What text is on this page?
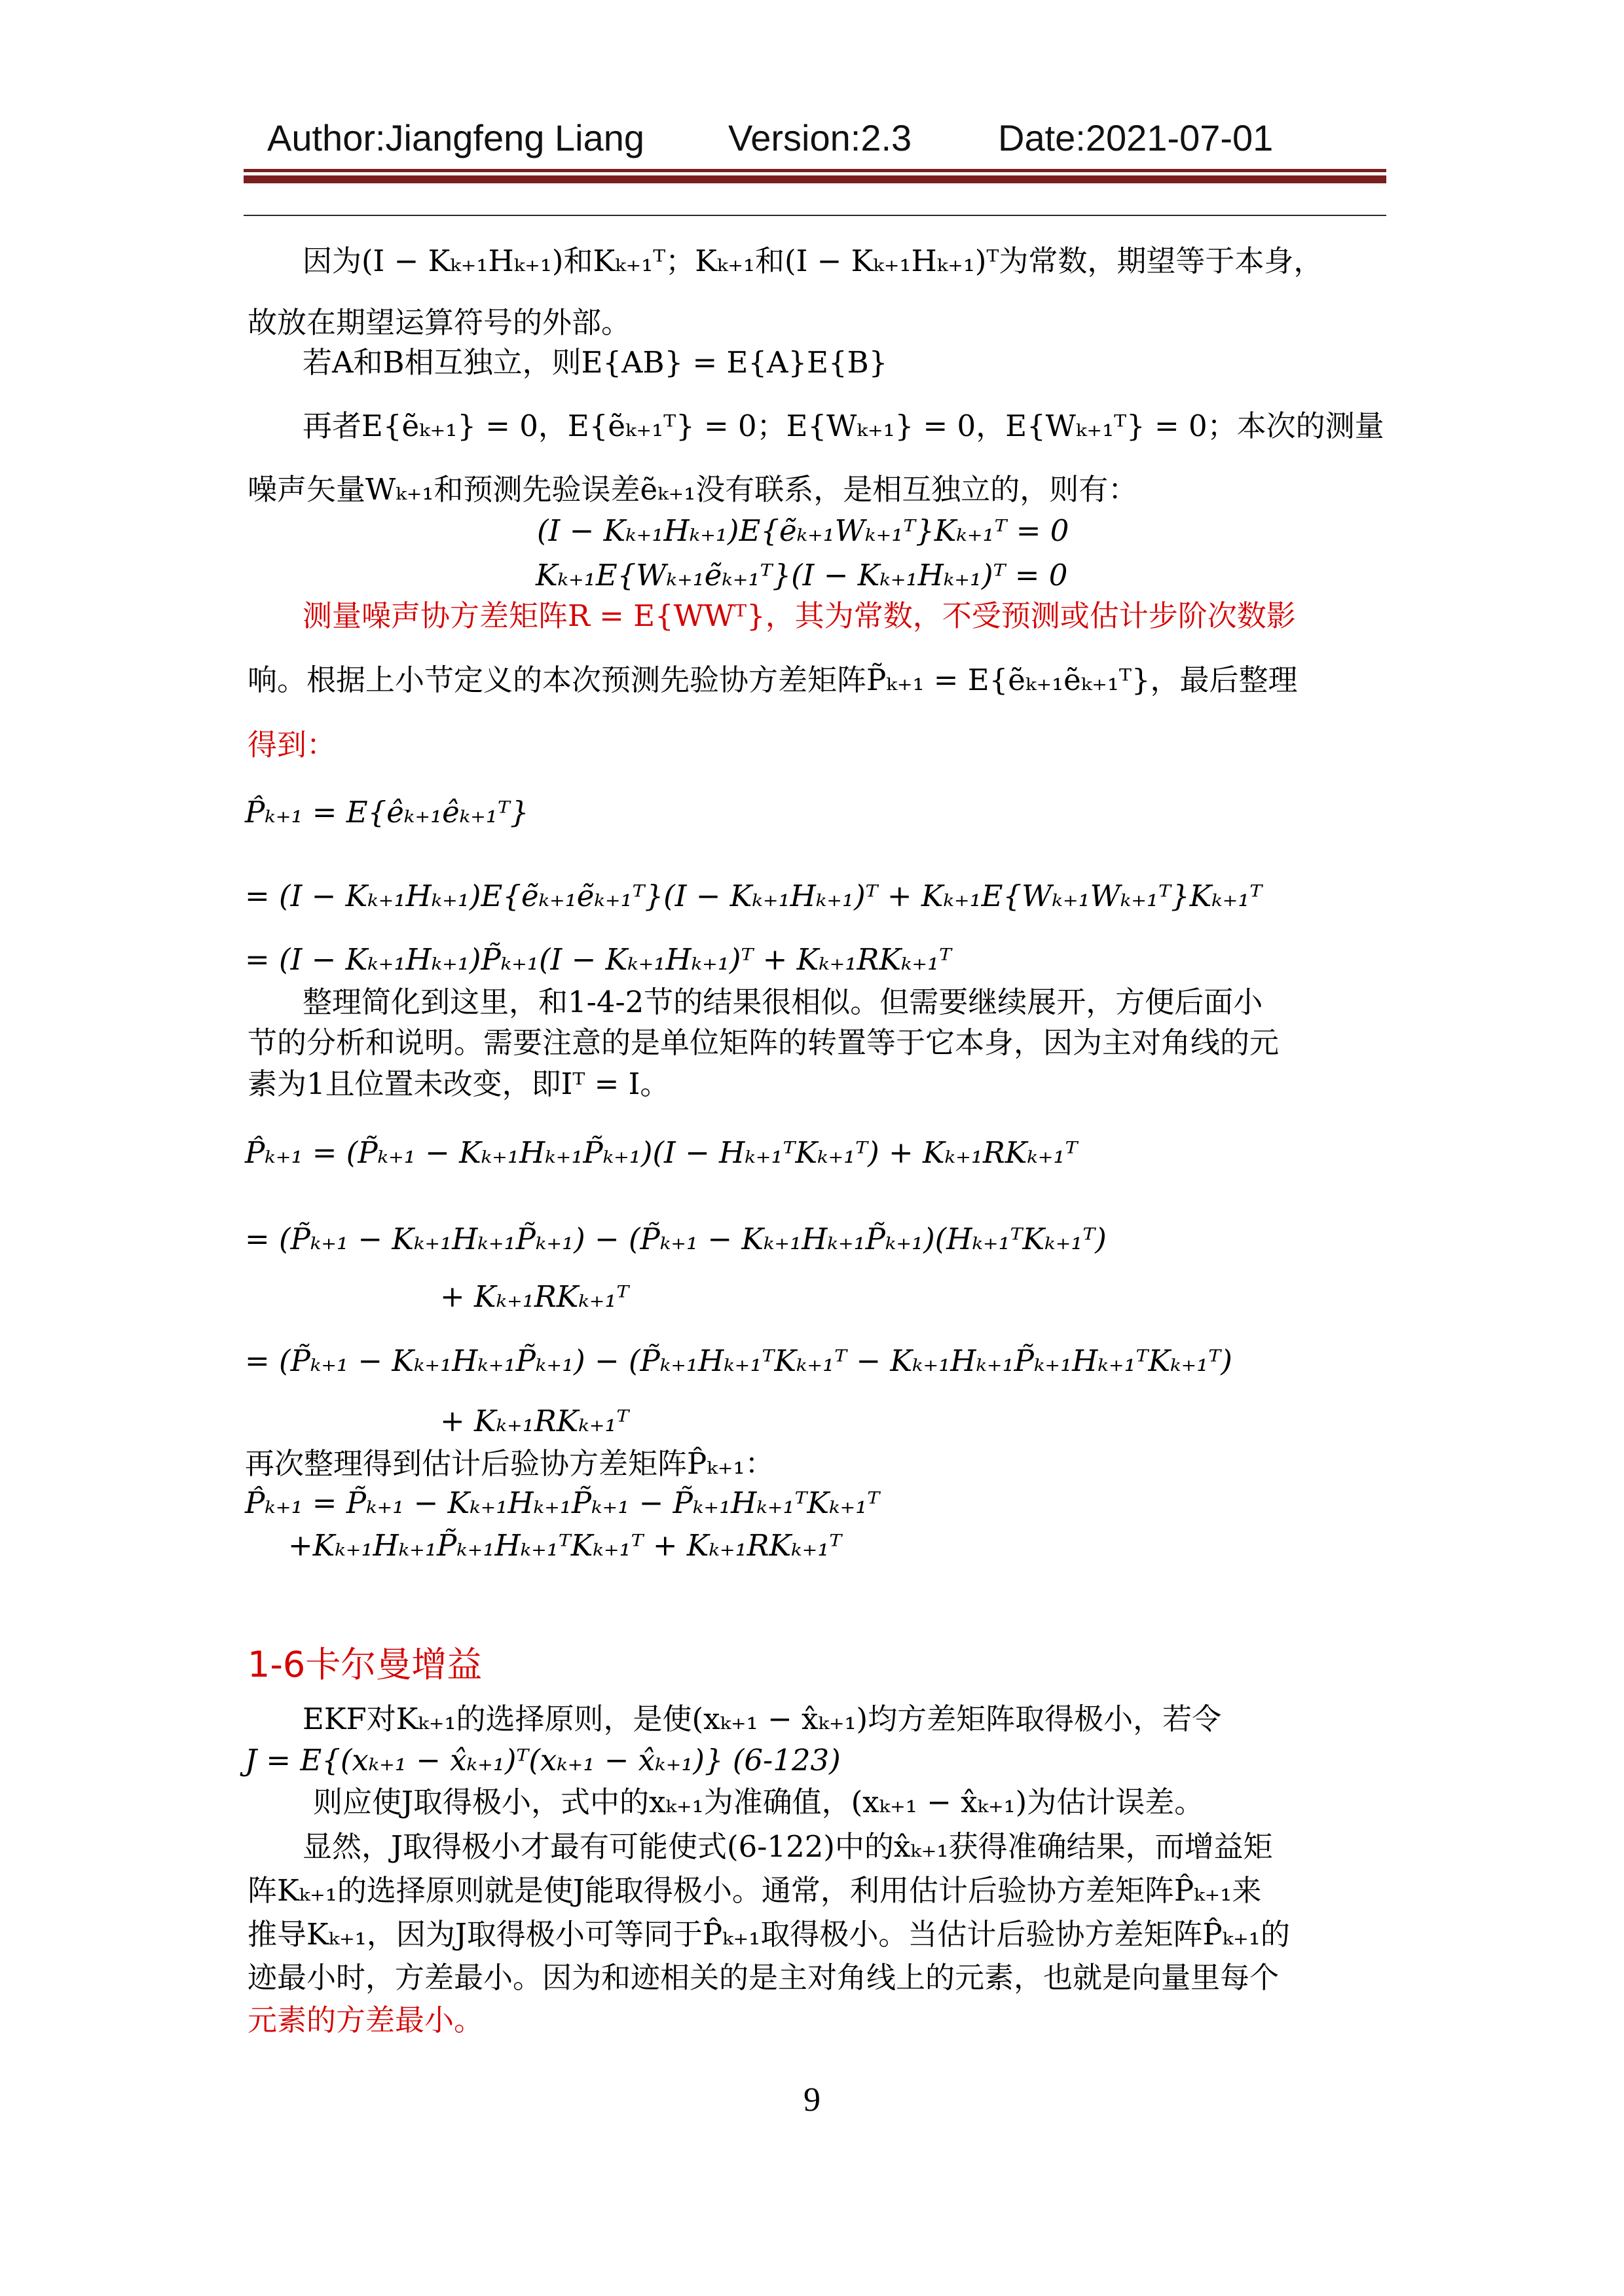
Author:Jiangfeng Liang Version:2.3 Date:2021-07-01
因为(I − Kₖ₊₁Hₖ₊₁)和Kₖ₊₁ᵀ；Kₖ₊₁和(I − Kₖ₊₁Hₖ₊₁)ᵀ为常数，期望等于本身，
故放在期望运算符号的外部。
若A和B相互独立，则E{AB} = E{A}E{B}
再者E{ẽₖ₊₁} = 0，E{ẽₖ₊₁ᵀ} = 0；E{Wₖ₊₁} = 0，E{Wₖ₊₁ᵀ} = 0；本次的测量
噪声矢量Wₖ₊₁和预测先验误差ẽₖ₊₁没有联系，是相互独立的，则有：
(I − Kₖ₊₁Hₖ₊₁)E{ẽₖ₊₁Wₖ₊₁ᵀ}Kₖ₊₁ᵀ = 0
Kₖ₊₁E{Wₖ₊₁ẽₖ₊₁ᵀ}(I − Kₖ₊₁Hₖ₊₁)ᵀ = 0
测量噪声协方差矩阵R = E{WWᵀ}，其为常数，不受预测或估计步阶次数影
响。根据上小节定义的本次预测先验协方差矩阵P̃ₖ₊₁ = E{ẽₖ₊₁ẽₖ₊₁ᵀ}，最后整理
得到：
P̂ₖ₊₁ = E{êₖ₊₁êₖ₊₁ᵀ}
= (I − Kₖ₊₁Hₖ₊₁)E{ẽₖ₊₁ẽₖ₊₁ᵀ}(I − Kₖ₊₁Hₖ₊₁)ᵀ + Kₖ₊₁E{Wₖ₊₁Wₖ₊₁ᵀ}Kₖ₊₁ᵀ
= (I − Kₖ₊₁Hₖ₊₁)P̃ₖ₊₁(I − Kₖ₊₁Hₖ₊₁)ᵀ + Kₖ₊₁RKₖ₊₁ᵀ
整理简化到这里，和1-4-2节的结果很相似。但需要继续展开，方便后面小
节的分析和说明。需要注意的是单位矩阵的转置等于它本身，因为主对角线的元
素为1且位置未改变，即Iᵀ = I。
P̂ₖ₊₁ = (P̃ₖ₊₁ − Kₖ₊₁Hₖ₊₁P̃ₖ₊₁)(I − Hₖ₊₁ᵀKₖ₊₁ᵀ) + Kₖ₊₁RKₖ₊₁ᵀ
= (P̃ₖ₊₁ − Kₖ₊₁Hₖ₊₁P̃ₖ₊₁) − (P̃ₖ₊₁ − Kₖ₊₁Hₖ₊₁P̃ₖ₊₁)(Hₖ₊₁ᵀKₖ₊₁ᵀ)
+ Kₖ₊₁RKₖ₊₁ᵀ
= (P̃ₖ₊₁ − Kₖ₊₁Hₖ₊₁P̃ₖ₊₁) − (P̃ₖ₊₁Hₖ₊₁ᵀKₖ₊₁ᵀ − Kₖ₊₁Hₖ₊₁P̃ₖ₊₁Hₖ₊₁ᵀKₖ₊₁ᵀ)
+ Kₖ₊₁RKₖ₊₁ᵀ
再次整理得到估计后验协方差矩阵P̂ₖ₊₁：
P̂ₖ₊₁ = P̃ₖ₊₁ − Kₖ₊₁Hₖ₊₁P̃ₖ₊₁ − P̃ₖ₊₁Hₖ₊₁ᵀKₖ₊₁ᵀ
+Kₖ₊₁Hₖ₊₁P̃ₖ₊₁Hₖ₊₁ᵀKₖ₊₁ᵀ + Kₖ₊₁RKₖ₊₁ᵀ
1-6卡尔曼增益
EKF对Kₖ₊₁的选择原则，是使(xₖ₊₁ − x̂ₖ₊₁)均方差矩阵取得极小，若令
J = E{(xₖ₊₁ − x̂ₖ₊₁)ᵀ(xₖ₊₁ − x̂ₖ₊₁)} (6-123)
则应使J取得极小，式中的xₖ₊₁为准确值，(xₖ₊₁ − x̂ₖ₊₁)为估计误差。
显然，J取得极小才最有可能使式(6-122)中的x̂ₖ₊₁获得准确结果，而增益矩
阵Kₖ₊₁的选择原则就是使J能取得极小。通常，利用估计后验协方差矩阵P̂ₖ₊₁来
推导Kₖ₊₁，因为J取得极小可等同于P̂ₖ₊₁取得极小。当估计后验协方差矩阵P̂ₖ₊₁的
迹最小时，方差最小。因为和迹相关的是主对角线上的元素，也就是向量里每个
元素的方差最小。
9
